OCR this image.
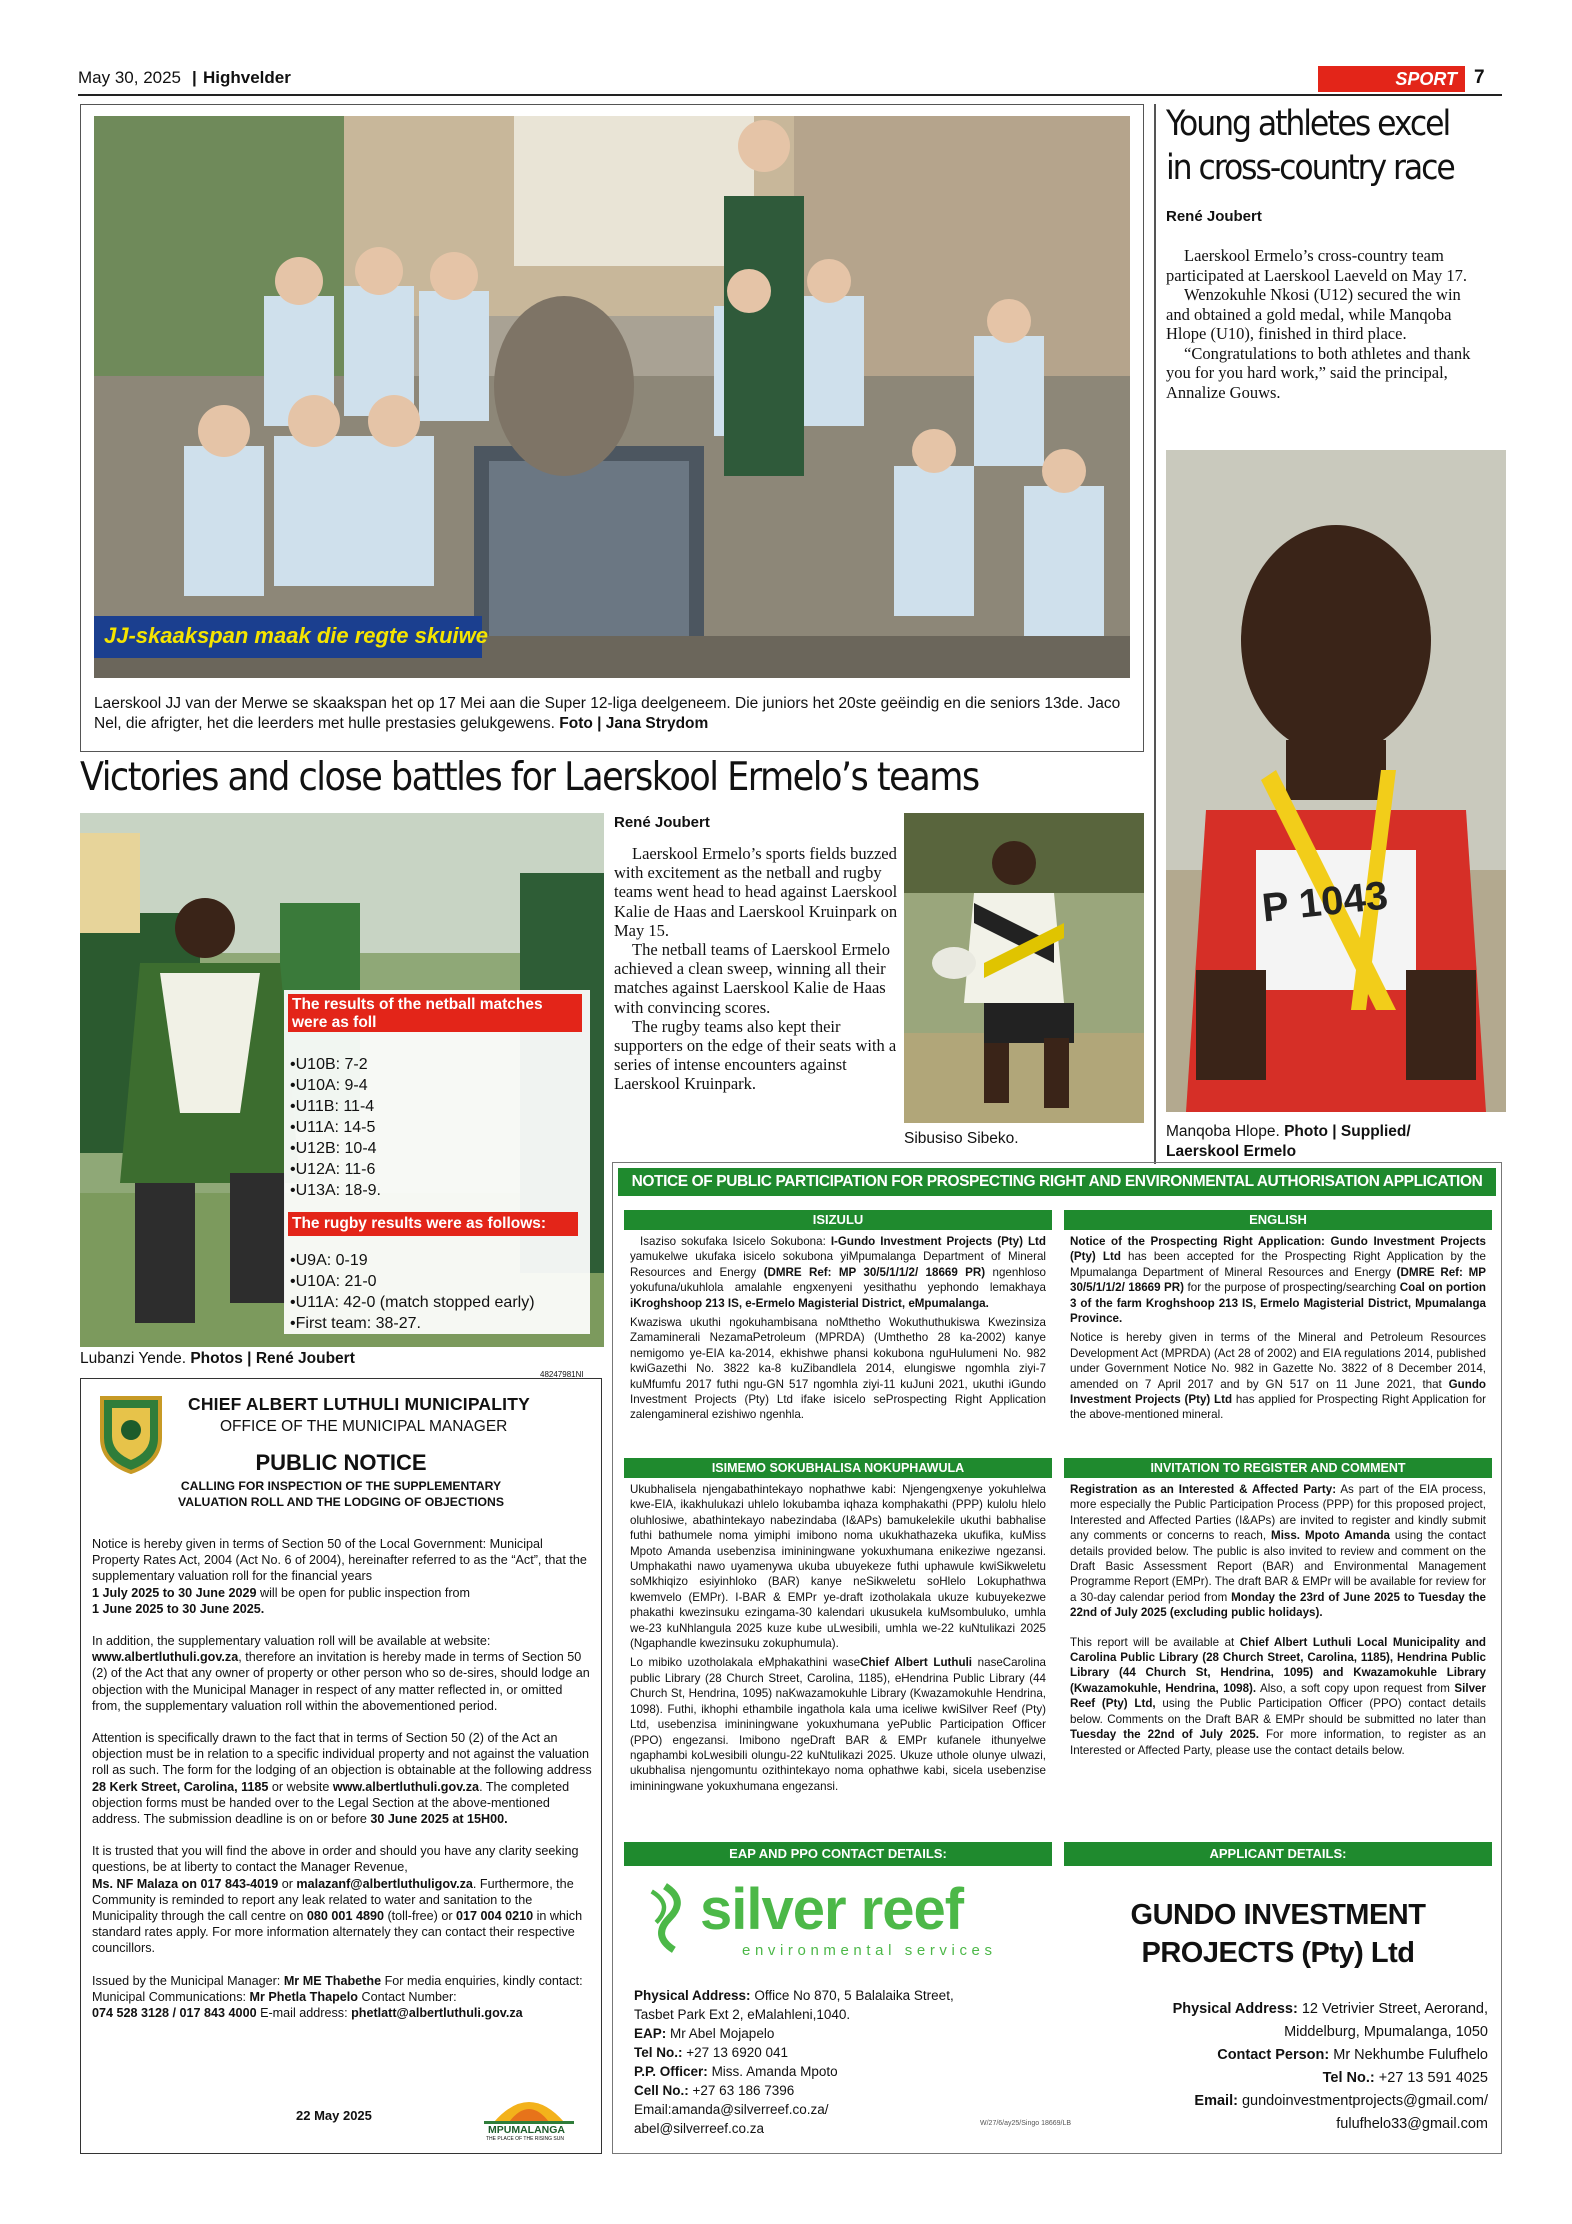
May 30, 2025 | Highvelder	SPORT 7
JJ-skaakspan maak die regte skuiwe
Laerskool JJ van der Merwe se skaakspan het op 17 Mei aan die Super 12-liga deelgeneem. Die juniors het 20ste geëindig en die seniors 13de. Jaco Nel, die afrigter, het die leerders met hulle prestasies gelukgewens. Foto | Jana Strydom
Young athletes excel
in cross-country race
René Joubert

Laerskool Ermelo’s cross-country team participated at Laerskool Laeveld on May 17.

Wenzokuhle Nkosi (U12) secured the win and obtained a gold medal, while Manqoba Hlope (U10), finished in third place.

“Congratulations to both athletes and thank you for you hard work,” said the principal, Annalize Gouws.

P 1043
Manqoba Hlope. Photo | Supplied/ Laerskool Ermelo
Victories and close battles for Laerskool Ermelo’s teams
The results of the netball matches were as foll
• U10B: 7-2
• U10A: 9-4
• U11B: 11-4
• U11A: 14-5
• U12B: 10-4
• U12A: 11-6
• U13A: 18-9.
The rugby results were as follows:
• U9A: 0-19
• U10A: 21-0
• U11A: 42-0 (match stopped early)
• First team: 38-27.
Lubanzi Yende. Photos | René Joubert
René Joubert

Laerskool Ermelo’s sports fields buzzed with excitement as the netball and rugby teams went head to head against Laerskool Kalie de Haas and Laerskool Kruinpark on May 15.

The netball teams of Laerskool Ermelo achieved a clean sweep, winning all their matches against Laerskool Kalie de Haas with convincing scores.

The rugby teams also kept their supporters on the edge of their seats with a series of intense encounters against Laerskool Kruinpark.

Sibusiso Sibeko.
48247981NI
CHIEF ALBERT LUTHULI MUNICIPALITY
OFFICE OF THE MUNICIPAL MANAGER
PUBLIC NOTICE
CALLING FOR INSPECTION OF THE SUPPLEMENTARY
VALUATION ROLL AND THE LODGING OF OBJECTIONS

Notice is hereby given in terms of Section 50 of the Local Government: Municipal Property Rates Act, 2004 (Act No. 6 of 2004), hereinafter referred to as the “Act”, that the supplementary valuation roll for the financial years
1 July 2025 to 30 June 2029 will be open for public inspection from
1 June 2025 to 30 June 2025.

In addition, the supplementary valuation roll will be available at website:
www.albertluthuli.gov.za, therefore an invitation is hereby made in terms of Section 50 (2) of the Act that any owner of property or other person who so de-sires, should lodge an objection with the Municipal Manager in respect of any matter reflected in, or omitted from, the supplementary valuation roll within the abovementioned period.

Attention is specifically drawn to the fact that in terms of Section 50 (2) of the Act an objection must be in relation to a specific individual property and not against the valuation roll as such. The form for the lodging of an objection is obtainable at the following address 28 Kerk Street, Carolina, 1185 or website www.albertluthuli.gov.za. The completed objection forms must be handed over to the Legal Section at the above-mentioned address. The submission deadline is on or before 30 June 2025 at 15H00.

It is trusted that you will find the above in order and should you have any clarity seeking questions, be at liberty to contact the Manager Revenue,
Ms. NF Malaza on 017 843-4019 or malazanf@albertluthuligov.za. Furthermore, the Community is reminded to report any leak related to water and sanitation to the Municipality through the call centre on 080 001 4890 (toll-free) or 017 004 0210 in which standard rates apply. For more information alternately they can contact their respective councillors.

Issued by the Municipal Manager: Mr ME Thabethe For media enquiries, kindly contact: Municipal Communications: Mr Phetla Thapelo Contact Number:
074 528 3128 / 017 843 4000 E-mail address: phetlatt@albertluthuli.gov.za

22 May 2025
MPUMALANGA
THE PLACE OF THE RISING SUN
NOTICE OF PUBLIC PARTICIPATION FOR PROSPECTING RIGHT AND ENVIRONMENTAL AUTHORISATION APPLICATION
ISIZULU

Isaziso sokufaka Isicelo Sokubona: I-Gundo Investment Projects (Pty) Ltd yamukelwe ukufaka isicelo sokubona yiMpumalanga Department of Mineral Resources and Energy (DMRE Ref: MP 30/5/1/1/2/ 18669 PR) ngenhloso yokufuna/ukuhlola amalahle engxenyeni yesithathu yephondo lemakhaya iKroghshoop 213 IS, e-Ermelo Magisterial District, eMpumalanga.

Kwaziswa ukuthi ngokuhambisana noMthetho Wokuthuthukiswa Kwezinsiza Zamaminerali NezamaPetroleum (MPRDA) (Umthetho 28 ka-2002) kanye nemigomo ye-EIA ka-2014, ekhishwe phansi kokubona nguHulumeni No. 982 kwiGazethi No. 3822 ka-8 kuZibandlela 2014, elungiswe ngomhla ziyi-7 kuMfumfu 2017 futhi ngu-GN 517 ngomhla ziyi-11 kuJuni 2021, ukuthi iGundo Investment Projects (Pty) Ltd ifake isicelo seProspecting Right Application zalengamineral ezishiwo ngenhla.

ISIMEMO SOKUBHALISA NOKUPHAWULA

Ukubhalisela njengabathintekayo nophathwe kabi: Njengengxenye yokuhlelwa kwe-EIA, ikakhulukazi uhlelo lokubamba iqhaza komphakathi (PPP) kulolu hlelo oluhlosiwe, abathintekayo nabezindaba (I&APs) bamukelekile ukuthi babhalise futhi bathumele noma yimiphi imibono noma ukukhathazeka ukufika, kuMiss Mpoto Amanda usebenzisa imininingwane yokuxhumana enikeziwe ngezansi. Umphakathi nawo uyamenywa ukuba ubuyekeze futhi uphawule kwiSikweletu soMkhiqizo esiyinhloko (BAR) kanye neSikweletu soHlelo Lokuphathwa kwemvelo (EMPr). I-BAR & EMPr ye-draft izotholakala ukuze kubuyekezwe phakathi kwezinsuku ezingama-30 kalendari ukusukela kuMsombuluko, umhla we-23 kuNhlangula 2025 kuze kube uLwesibili, umhla we-22 kuNtulikazi 2025 (Ngaphandle kwezinsuku zokuphumula).

Lo mibiko uzotholakala eMphakathini waseChief Albert Luthuli naseCarolina public Library (28 Church Street, Carolina, 1185), eHendrina Public Library (44 Church St, Hendrina, 1095) naKwazamokuhle Library (Kwazamokuhle Hendrina, 1098). Futhi, ikhophi ethambile ingathola kala uma iceliwe kwiSilver Reef (Pty) Ltd, usebenzisa imininingwane yokuxhumana yePublic Participation Officer (PPO) engezansi. Imibono ngeDraft BAR & EMPr kufanele ithunyelwe ngaphambi koLwesibili olungu-22 kuNtulikazi 2025. Ukuze uthole olunye ulwazi, ukubhalisa njengomuntu ozithintekayo noma ophathwe kabi, sicela usebenzise imininingwane yokuxhumana engezansi.

ENGLISH

Notice of the Prospecting Right Application: Gundo Investment Projects (Pty) Ltd has been accepted for the Prospecting Right Application by the Mpumalanga Department of Mineral Resources and Energy (DMRE Ref: MP 30/5/1/1/2/ 18669 PR) for the purpose of prospecting/searching Coal on portion 3 of the farm Kroghshoop 213 IS, Ermelo Magisterial District, Mpumalanga Province.

Notice is hereby given in terms of the Mineral and Petroleum Resources Development Act (MPRDA) (Act 28 of 2002) and EIA regulations 2014, published under Government Notice No. 982 in Gazette No. 3822 of 8 December 2014, amended on 7 April 2017 and by GN 517 on 11 June 2021, that Gundo Investment Projects (Pty) Ltd has applied for Prospecting Right Application for the above-mentioned mineral.

INVITATION TO REGISTER AND COMMENT

Registration as an Interested & Affected Party: As part of the EIA process, more especially the Public Participation Process (PPP) for this proposed project, Interested and Affected Parties (I&APs) are invited to register and kindly submit any comments or concerns to reach, Miss. Mpoto Amanda using the contact details provided below. The public is also invited to review and comment on the Draft Basic Assessment Report (BAR) and Environmental Management Programme Report (EMPr). The draft BAR & EMPr will be available for review for a 30-day calendar period from Monday the 23rd of June 2025 to Tuesday the 22nd of July 2025 (excluding public holidays).

This report will be available at Chief Albert Luthuli Local Municipality and Carolina Public Library (28 Church Street, Carolina, 1185), Hendrina Public Library (44 Church St, Hendrina, 1095) and Kwazamokuhle Library (Kwazamokuhle, Hendrina, 1098). Also, a soft copy upon request from Silver Reef (Pty) Ltd, using the Public Participation Officer (PPO) contact details below. Comments on the Draft BAR & EMPr should be submitted no later than Tuesday the 22nd of July 2025. For more information, to register as an Interested or Affected Party, please use the contact details below.

EAP AND PPO CONTACT DETAILS:
silver reef
environmental services
Physical Address: Office No 870, 5 Balalaika Street, Tasbet Park Ext 2, eMalahleni,1040.
EAP: Mr Abel Mojapelo
Tel No.: +27 13 6920 041
P.P. Officer: Miss. Amanda Mpoto
Cell No.: +27 63 186 7396
Email:amanda@silverreef.co.za/
abel@silverreef.co.za	W/27/6/ay25/Singo 18669/LB
APPLICANT DETAILS:
GUNDO INVESTMENT
PROJECTS (Pty) Ltd
Physical Address: 12 Vetrivier Street, Aerorand,
Middelburg, Mpumalanga, 1050
Contact Person: Mr Nekhumbe Fulufhelo
Tel No.: +27 13 591 4025
Email: gundoinvestmentprojects@gmail.com/
fulufhelo33@gmail.com
